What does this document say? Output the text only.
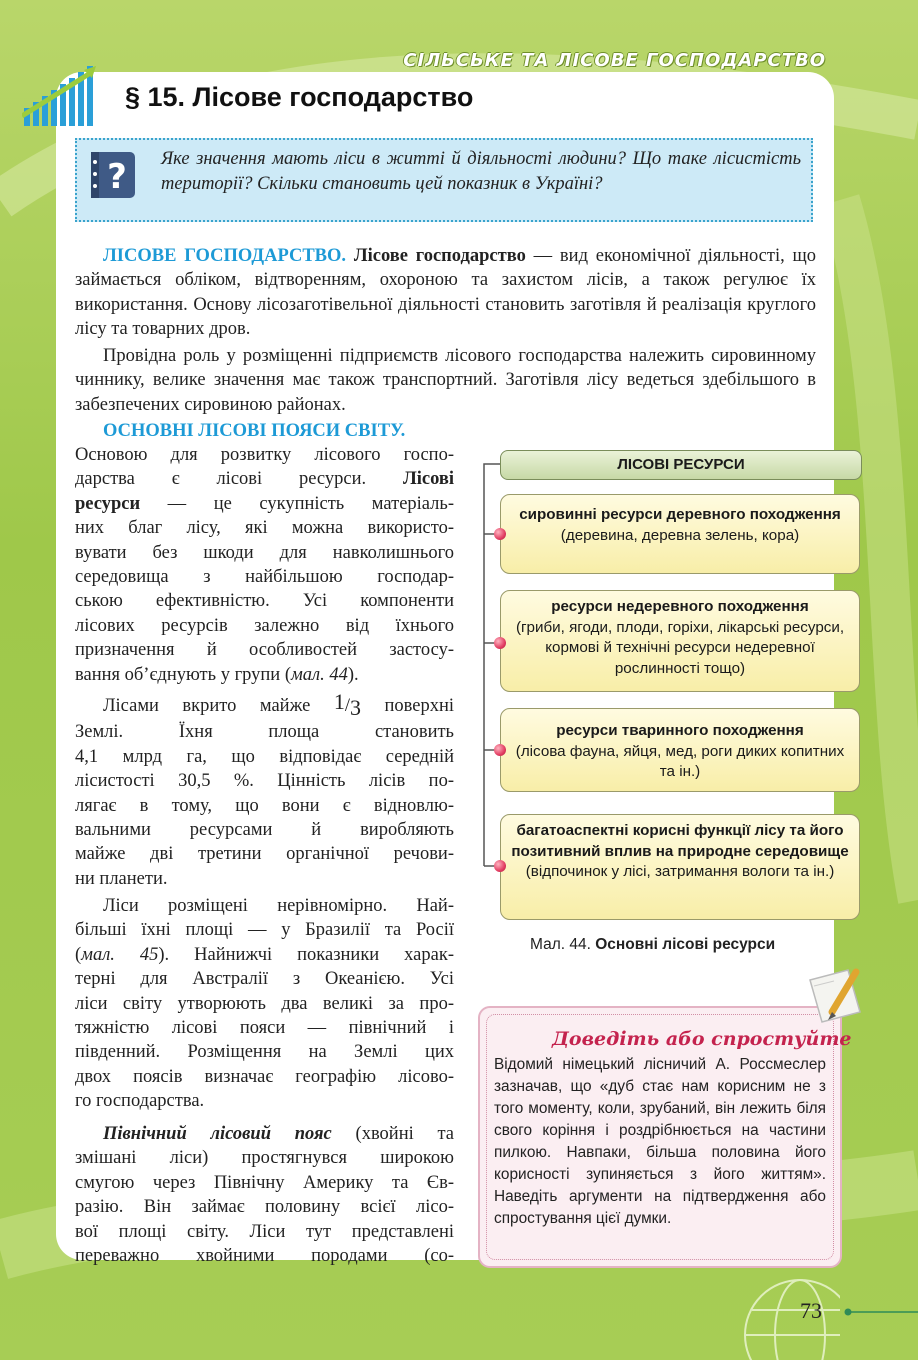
СІЛЬСЬКЕ ТА ЛІСОВЕ ГОСПОДАРСТВО
§ 15. Лісове господарство
? Яке значення мають ліси в житті й діяльності людини? Що таке лісистість території? Скільки становить цей показник в Україні?

ЛІСОВЕ ГОСПОДАРСТВО. Лісове господарство — вид економічної діяльності, що займається обліком, відтворенням, охороною та захистом лісів, а також регулює їх використання. Основу лісозаготівельної діяльності становить заготівля й реалізація круглого лісу та товарних дров.

Провідна роль у розміщенні підприємств лісового господарства належить сировинному чиннику, велике значення має також транспортний. Заготівля лісу ведеться здебільшого в забезпечених сировиною районах.

ОСНОВНІ ЛІСОВІ ПОЯСИ СВІТУ.
Основою для розвитку лісового госпо-
дарства є лісові ресурси. Лісові
ресурси — це сукупність матеріаль-
них благ лісу, які можна використо-
вувати без шкоди для навколишнього
середовища з найбільшою господар-
ською ефективністю. Усі компоненти
лісових ресурсів залежно від їхнього
призначення й особливостей застосу-
вання об’єднують у групи (мал. 44).
Лісами вкрито майже 1/3 поверхні
Землі. Їхня площа становить
4,1 млрд га, що відповідає середній
лісистості 30,5 %. Цінність лісів по-
лягає в тому, що вони є відновлю-
вальними ресурсами й виробляють
майже дві третини органічної речови-
ни планети.
Ліси розміщені нерівномірно. Най-
більші їхні площі — у Бразилії та Росії
(мал. 45). Найнижчі показники харак-
терні для Австралії з Океанією. Усі
ліси світу утворюють два великі за про-
тяжністю лісові пояси — північний і
південний. Розміщення на Землі цих
двох поясів визначає географію лісово-
го господарства.
Північний лісовий пояс (хвойні та
змішані ліси) простягнувся широкою
смугою через Північну Америку та Єв-
разію. Він займає половину всієї лісо-
вої площі світу. Ліси тут представлені
переважно хвойними породами (со-
ЛІСОВІ РЕСУРСИ
сировинні ресурси деревного походження
(деревина, деревна зелень, кора)
ресурси недеревного походження
(гриби, ягоди, плоди, горіхи, лікарські ресурси, кормові й технічні ресурси недеревної рослинності тощо)
ресурси тваринного походження
(лісова фауна, яйця, мед, роги диких копитних та ін.)
багатоаспектні корисні функції лісу та його позитивний вплив на природне середовище (відпочинок у лісі, затримання вологи та ін.)
Мал. 44. Основні лісові ресурси
Доведіть або спростуйте
Відомий німецький лісничий А. Россмеслер зазначав, що «дуб стає нам корисним не з того моменту, коли, зрубаний, він лежить біля свого коріння і роздрібнюється на частини пилкою. Навпаки, більша половина його корисності зупиняється з його життям». Наведіть аргументи на підтвердження або спростування цієї думки.
73
